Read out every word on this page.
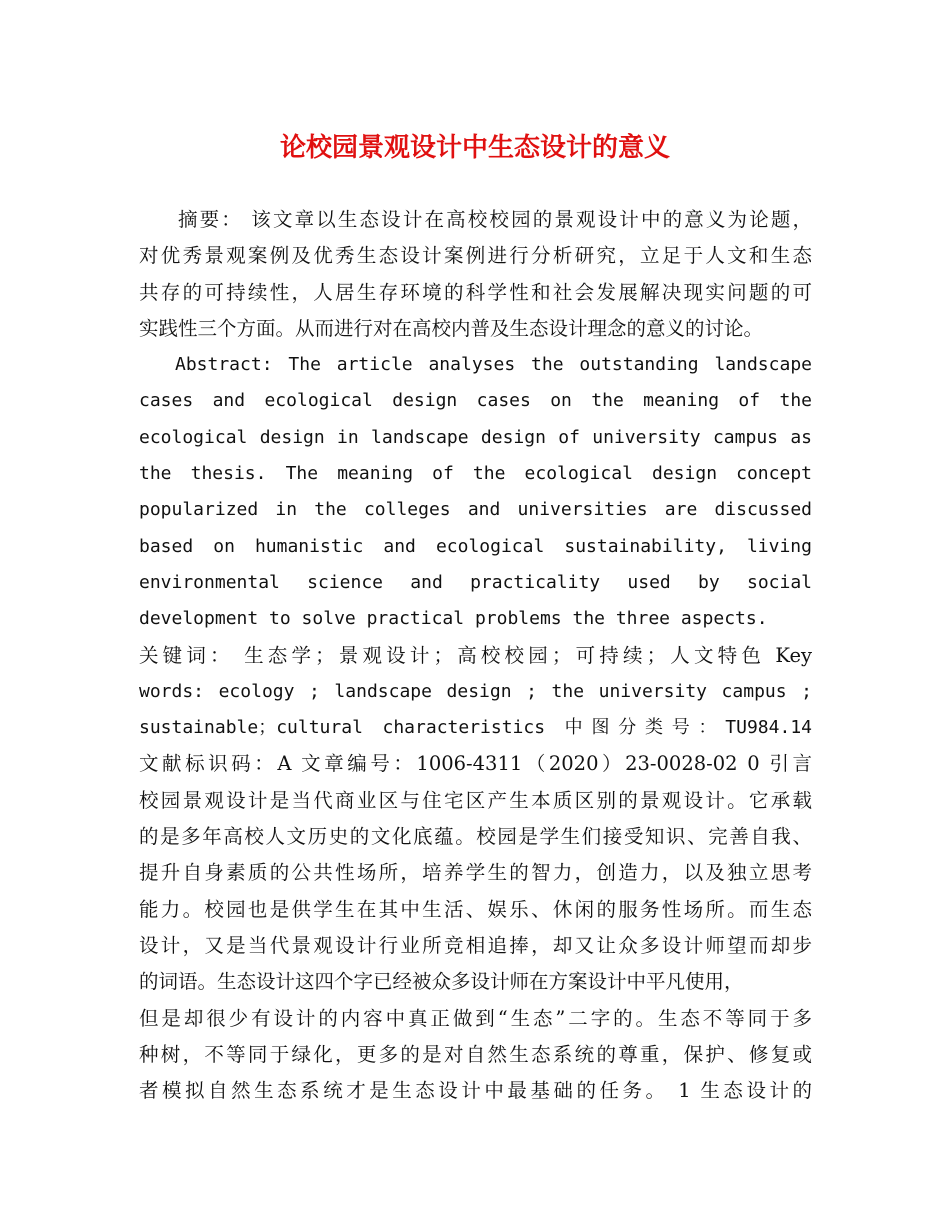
论校园景观设计中生态设计的意义
摘要： 该文章以生态设计在高校校园的景观设计中的意义为论题，
对优秀景观案例及优秀生态设计案例进行分析研究，立足于人文和生态
共存的可持续性，人居生存环境的科学性和社会发展解决现实问题的可
实践性三个方面。从而进行对在高校内普及生态设计理念的意义的讨论。
Abstract: The article analyses the outstanding landscape
cases and ecological design cases on the meaning of the
ecological design in landscape design of university campus as
the thesis. The meaning of the ecological design concept
popularized in the colleges and universities are discussed
based on humanistic and ecological sustainability, living
environmental science and practicality used by social
development to solve practical problems the three aspects.
关键词： 生态学；景观设计；高校校园；可持续；人文特色 Key
words: ecology ; landscape design ; the university campus ;
sustainable；cultural characteristics 中图分类号：TU984.14
文献标识码：A 文章编号：1006-4311（2020）23-0028-02 0 引言
校园景观设计是当代商业区与住宅区产生本质区别的景观设计。它承载
的是多年高校人文历史的文化底蕴。校园是学生们接受知识、完善自我、
提升自身素质的公共性场所，培养学生的智力，创造力，以及独立思考
能力。校园也是供学生在其中生活、娱乐、休闲的服务性场所。而生态
设计，又是当代景观设计行业所竞相追捧，却又让众多设计师望而却步
的词语。生态设计这四个字已经被众多设计师在方案设计中平凡使用，
但是却很少有设计的内容中真正做到“生态”二字的。生态不等同于多
种树，不等同于绿化，更多的是对自然生态系统的尊重，保护、修复或
者模拟自然生态系统才是生态设计中最基础的任务。 1 生态设计的
